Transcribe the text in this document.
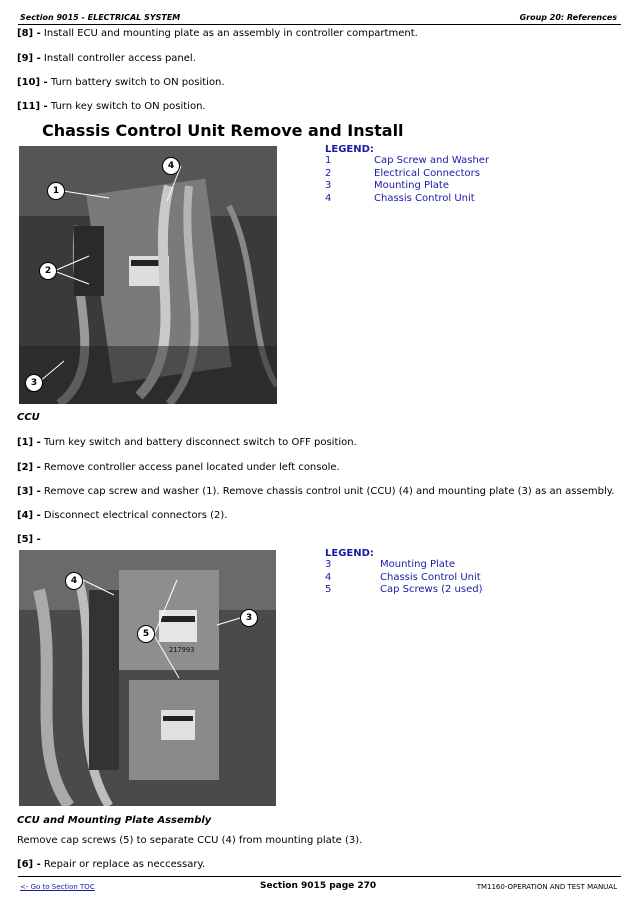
Section 9015 - ELECTRICAL SYSTEM	Group 20: References
[8] - Install ECU and mounting plate as an assembly in controller compartment.
[9] - Install controller access panel.
[10] - Turn battery switch to ON position.
[11] - Turn key switch to ON position.
Chassis Control Unit Remove and Install
1
4
2
3
LEGEND:
1	Cap Screw and Washer
2	Electrical Connectors
3	Mounting Plate
4	Chassis Control Unit
CCU
[1] - Turn key switch and battery disconnect switch to OFF position.
[2] - Remove controller access panel located under left console.
[3] - Remove cap screw and washer (1). Remove chassis control unit (CCU) (4) and mounting plate (3) as an assembly.
[4] - Disconnect electrical connectors (2).
[5] -
217993
4
3
5
LEGEND:
3	Mounting Plate
4	Chassis Control Unit
5	Cap Screws (2 used)
CCU and Mounting Plate Assembly
Remove cap screws (5) to separate CCU (4) from mounting plate (3).
[6] - Repair or replace as neccessary.
<- Go to Section TOC	Section 9015 page 270	TM1160-OPERATION AND TEST MANUAL
